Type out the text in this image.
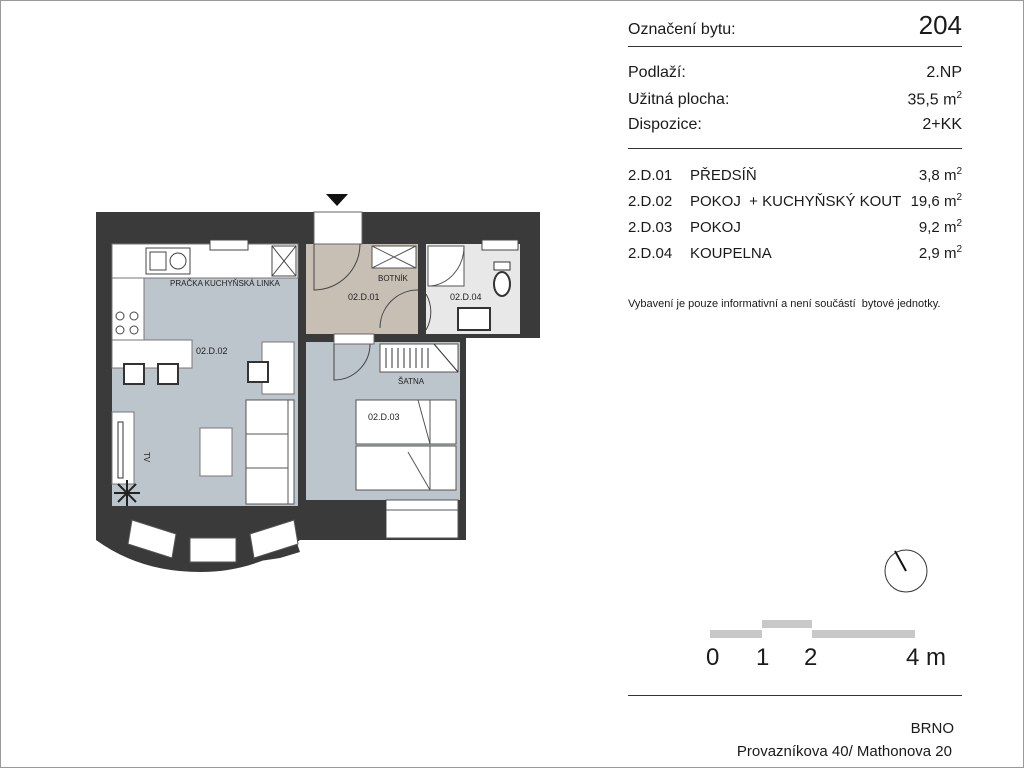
02.D.01
02.D.02
02.D.03
02.D.04
PRAČKA KUCHYŇSKÁ LINKA
BOTNÍK
ŠATNA
TV
Označení bytu:	204
Podlaží:	2.NP
Užitná plocha:	35,5 $m^2$
Dispozice:	2+KK
2.D.01	PŘEDSÍŇ	3,8 $m^2$
2.D.02	POKOJ  + KUCHYŇSKÝ KOUT 19,6 $m^2$
2.D.03	POKOJ	9,2 $m^2$
2.D.04	KOUPELNA	2,9 $m^2$
Vybavení je pouze informativní a není součástí  bytové jednotky.
0 1 2	4 m
BRNO
Provazníkova 40/ Mathonova 20
